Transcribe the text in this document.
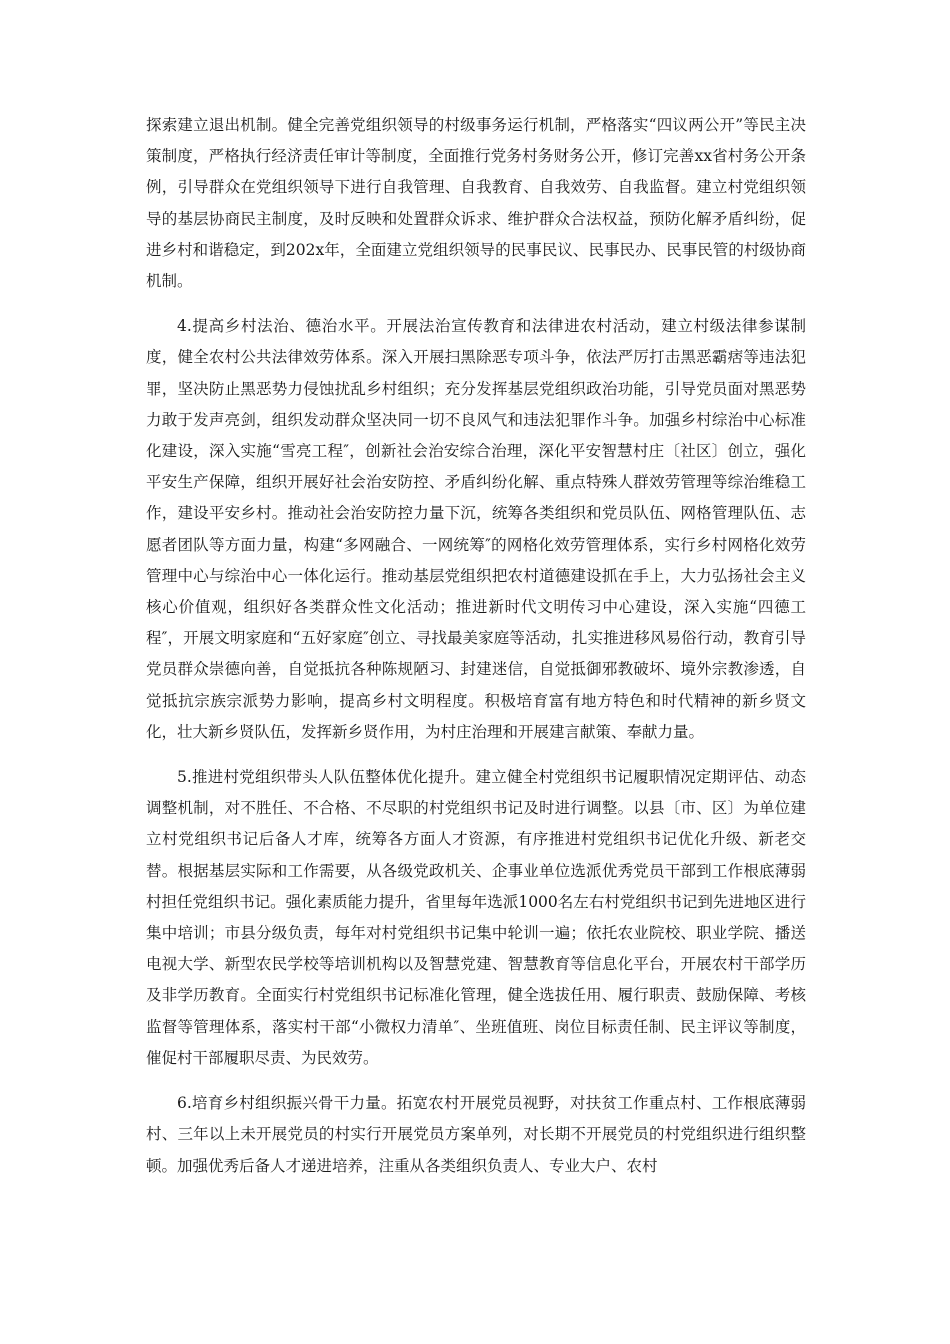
探索建立退出机制。健全完善党组织领导的村级事务运行机制，严格落实“四议两公开”等民主决策制度，严格执行经济责任审计等制度，全面推行党务村务财务公开，修订完善xx省村务公开条例，引导群众在党组织领导下进行自我管理、自我教育、自我效劳、自我监督。建立村党组织领导的基层协商民主制度，及时反映和处置群众诉求、维护群众合法权益，预防化解矛盾纠纷，促进乡村和谐稳定，到202x年，全面建立党组织领导的民事民议、民事民办、民事民管的村级协商机制。

4.提高乡村法治、德治水平。开展法治宣传教育和法律进农村活动，建立村级法律参谋制度，健全农村公共法律效劳体系。深入开展扫黑除恶专项斗争，依法严厉打击黑恶霸痞等违法犯罪，坚决防止黑恶势力侵蚀扰乱乡村组织；充分发挥基层党组织政治功能，引导党员面对黑恶势力敢于发声亮剑，组织发动群众坚决同一切不良风气和违法犯罪作斗争。加强乡村综治中心标准化建设，深入实施“雪亮工程″，创新社会治安综合治理，深化平安智慧村庄〔社区〕创立，强化平安生产保障，组织开展好社会治安防控、矛盾纠纷化解、重点特殊人群效劳管理等综治维稳工作，建设平安乡村。推动社会治安防控力量下沉，统筹各类组织和党员队伍、网格管理队伍、志愿者团队等方面力量，构建“多网融合、一网统筹″的网格化效劳管理体系，实行乡村网格化效劳管理中心与综治中心一体化运行。推动基层党组织把农村道德建设抓在手上，大力弘扬社会主义核心价值观，组织好各类群众性文化活动；推进新时代文明传习中心建设，深入实施“四德工程″，开展文明家庭和“五好家庭″创立、寻找最美家庭等活动，扎实推进移风易俗行动，教育引导党员群众崇德向善，自觉抵抗各种陈规陋习、封建迷信，自觉抵御邪教破坏、境外宗教渗透，自觉抵抗宗族宗派势力影响，提高乡村文明程度。积极培育富有地方特色和时代精神的新乡贤文化，壮大新乡贤队伍，发挥新乡贤作用，为村庄治理和开展建言献策、奉献力量。

5.推进村党组织带头人队伍整体优化提升。建立健全村党组织书记履职情况定期评估、动态调整机制，对不胜任、不合格、不尽职的村党组织书记及时进行调整。以县〔市、区〕为单位建立村党组织书记后备人才库，统筹各方面人才资源，有序推进村党组织书记优化升级、新老交替。根据基层实际和工作需要，从各级党政机关、企事业单位选派优秀党员干部到工作根底薄弱村担任党组织书记。强化素质能力提升，省里每年选派1000名左右村党组织书记到先进地区进行集中培训；市县分级负责，每年对村党组织书记集中轮训一遍；依托农业院校、职业学院、播送电视大学、新型农民学校等培训机构以及智慧党建、智慧教育等信息化平台，开展农村干部学历及非学历教育。全面实行村党组织书记标准化管理，健全选拔任用、履行职责、鼓励保障、考核监督等管理体系，落实村干部“小微权力清单″、坐班值班、岗位目标责任制、民主评议等制度，催促村干部履职尽责、为民效劳。

6.培育乡村组织振兴骨干力量。拓宽农村开展党员视野，对扶贫工作重点村、工作根底薄弱村、三年以上未开展党员的村实行开展党员方案单列，对长期不开展党员的村党组织进行组织整顿。加强优秀后备人才递进培养，注重从各类组织负责人、专业大户、农村
